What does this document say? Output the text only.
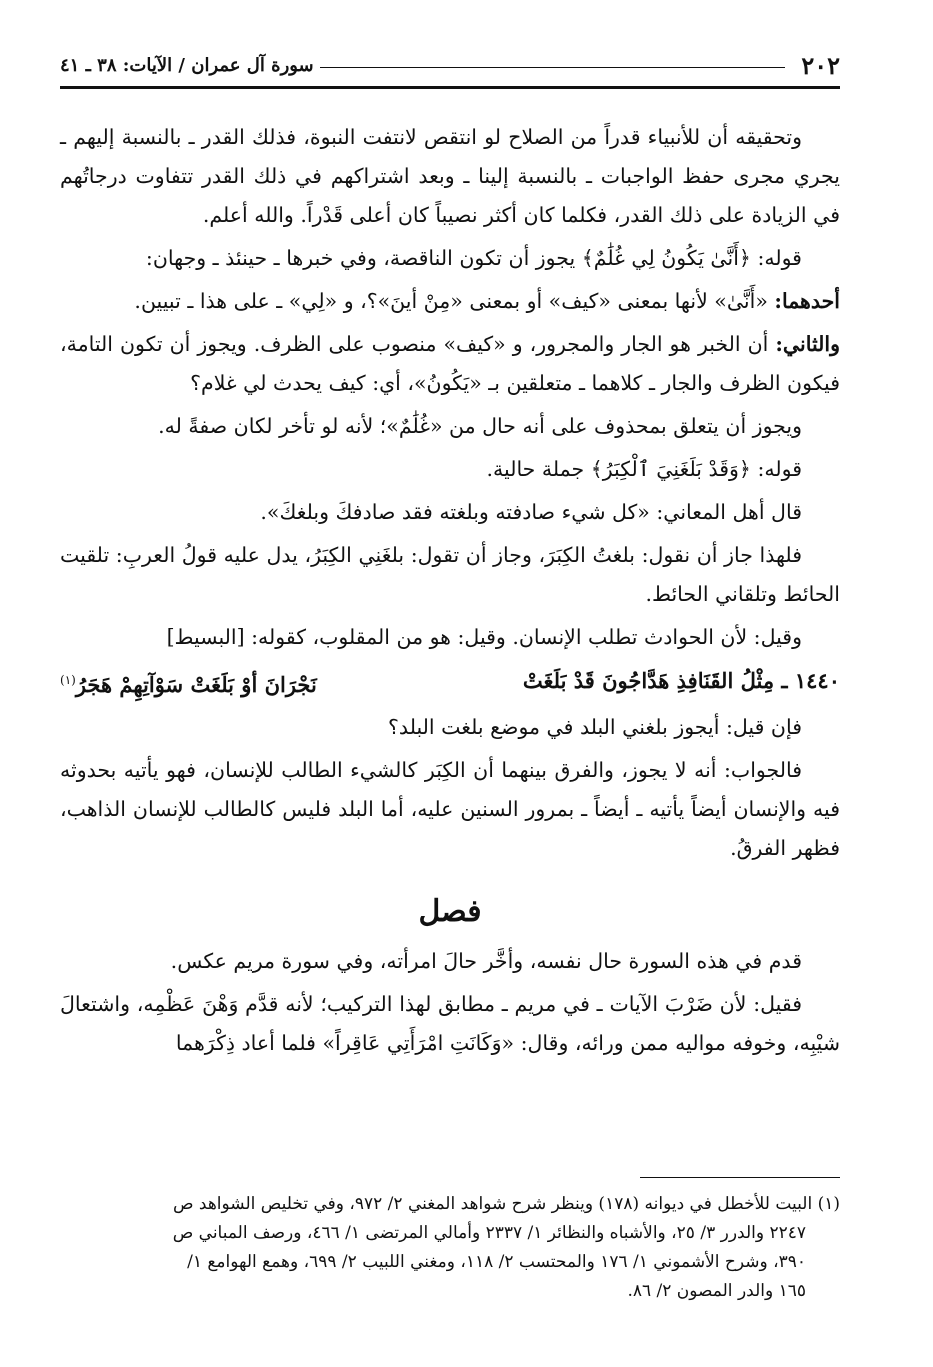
٢٠٢
سورة آل عمران / الآيات: ٣٨ ـ ٤١

وتحقيقه أن للأنبياء قدراً من الصلاح لو انتقص لانتفت النبوة، فذلك القدر ـ بالنسبة إليهم ـ يجري مجرى حفظ الواجبات ـ بالنسبة إلينا ـ وبعد اشتراكهم في ذلك القدر تتفاوت درجاتُهم في الزيادة على ذلك القدر، فكلما كان أكثر نصيباً كان أعلى قَدْراً. والله أعلم.

قوله: ﴿أَنَّىٰ يَكُونُ لِي غُلَٰمٌ﴾ يجوز أن تكون الناقصة، وفي خبرها ـ حينئذ ـ وجهان:

أحدهما: «أَنَّىٰ» لأنها بمعنى «كيف» أو بمعنى «مِنْ أينَ»؟، و «لِي» ـ على هذا ـ تبيين.

والثاني: أن الخبر هو الجار والمجرور، و «كيف» منصوب على الظرف. ويجوز أن تكون التامة، فيكون الظرف والجار ـ كلاهما ـ متعلقين بـ «يَكُونُ»، أي: كيف يحدث لي غلام؟

ويجوز أن يتعلق بمحذوف على أنه حال من «غُلَٰمٌ»؛ لأنه لو تأخر لكان صفةً له.

قوله: ﴿وَقَدْ بَلَغَنِيَ ٱلْكِبَرُ﴾ جملة حالية.

قال أهل المعاني: «كل شيء صادفته وبلغته فقد صادفكَ وبلغكَ».

فلهذا جاز أن نقول: بلغتُ الكِبَرَ، وجاز أن تقول: بلغَنِي الكِبَرُ، يدل عليه قولُ العربِ: تلقيت الحائط وتلقاني الحائط.

وقيل: لأن الحوادث تطلب الإنسان. وقيل: هو من المقلوب، كقوله: [البسيط]

١٤٤٠ ـ مِثْلُ القَنَافِذِ هَدَّاجُونَ قَدْ بَلَغَتْ
نَجْرَانَ أوْ بَلَغَتْ سَوْآتِهِمْ هَجَرُ$^{(١)}$

فإن قيل: أيجوز بلغني البلد في موضع بلغت البلد؟

فالجواب: أنه لا يجوز، والفرق بينهما أن الكِبَر كالشيء الطالب للإنسان، فهو يأتيه بحدوثه فيه والإنسان أيضاً يأتيه ـ أيضاً ـ بمرور السنين عليه، أما البلد فليس كالطالب للإنسان الذاهب، فظهر الفرقُ.

فصل

قدم في هذه السورة حال نفسه، وأخَّر حالَ امرأته، وفي سورة مريم عكس.

فقيل: لأن ضَرْبَ الآيات ـ في مريم ـ مطابق لهذا التركيب؛ لأنه قدَّم وَهْنَ عَظْمِه، واشتعالَ شيْبِه، وخوفه مواليه ممن ورائه، وقال: «وَكَانَتِ امْرَأَتِي عَاقِراً» فلما أعاد ذِكْرَهما

(١) البيت للأخطل في ديوانه (١٧٨) وينظر شرح شواهد المغني ٢/ ٩٧٢، وفي تخليص الشواهد ص
٢٢٤٧ والدرر ٣/ ٢٥، والأشباه والنظائر ١/ ٢٣٣٧ وأمالي المرتضى ١/ ٤٦٦، ورصف المباني ص
٣٩٠، وشرح الأشموني ١/ ١٧٦ والمحتسب ٢/ ١١٨، ومغني اللبيب ٢/ ٦٩٩، وهمع الهوامع ١/
١٦٥ والدر المصون ٢/ ٨٦.
